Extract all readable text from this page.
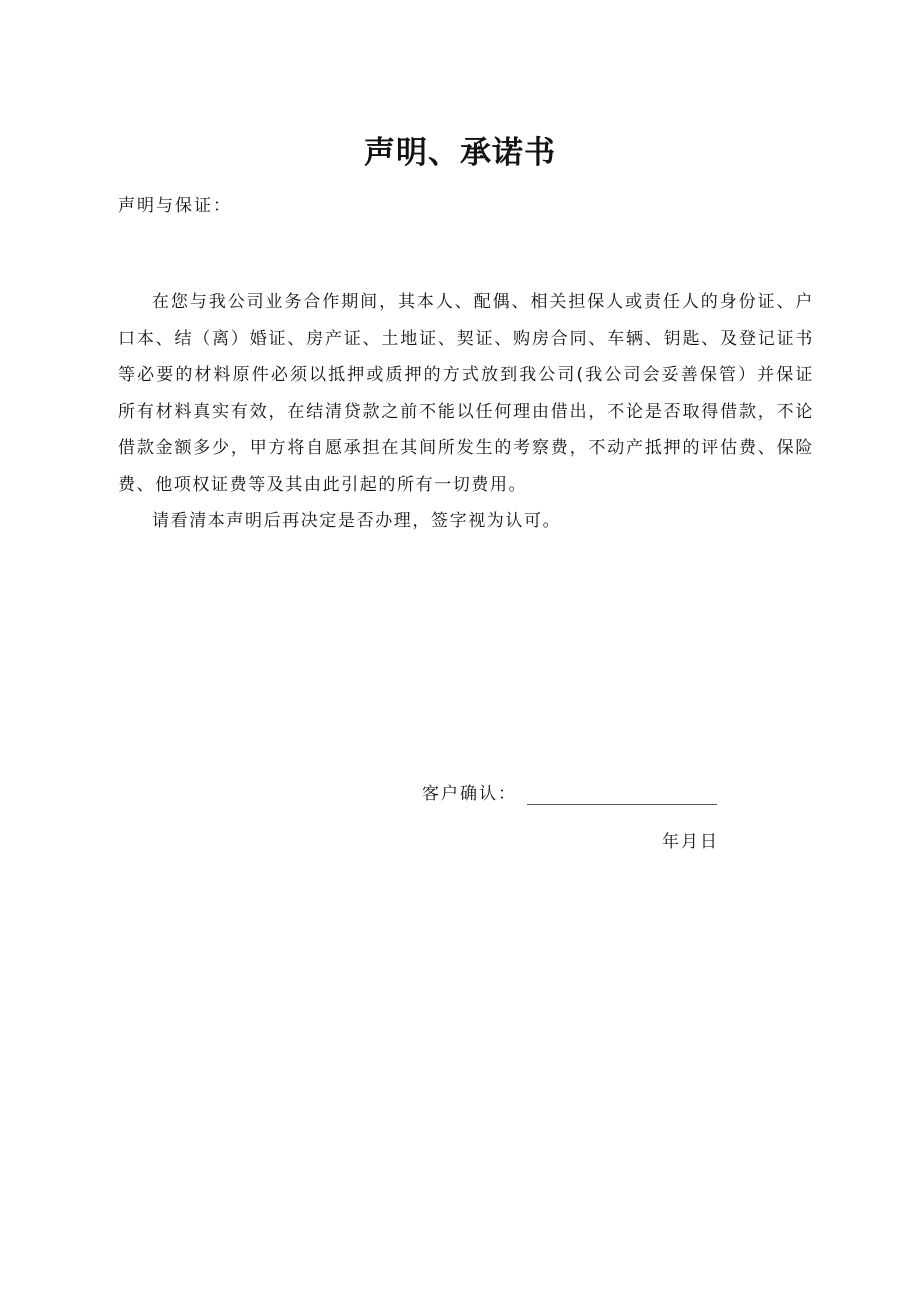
声明、承诺书
声明与保证：

在您与我公司业务合作期间，其本人、配偶、相关担保人或责任人的身份证、户口本、结（离）婚证、房产证、土地证、契证、购房合同、车辆、钥匙、及登记证书等必要的材料原件必须以抵押或质押的方式放到我公司(我公司会妥善保管）并保证所有材料真实有效，在结清贷款之前不能以任何理由借出，不论是否取得借款，不论借款金额多少，甲方将自愿承担在其间所发生的考察费，不动产抵押的评估费、保险费、他项权证费等及其由此引起的所有一切费用。

请看清本声明后再决定是否办理，签字视为认可。

客户确认：
年月日
